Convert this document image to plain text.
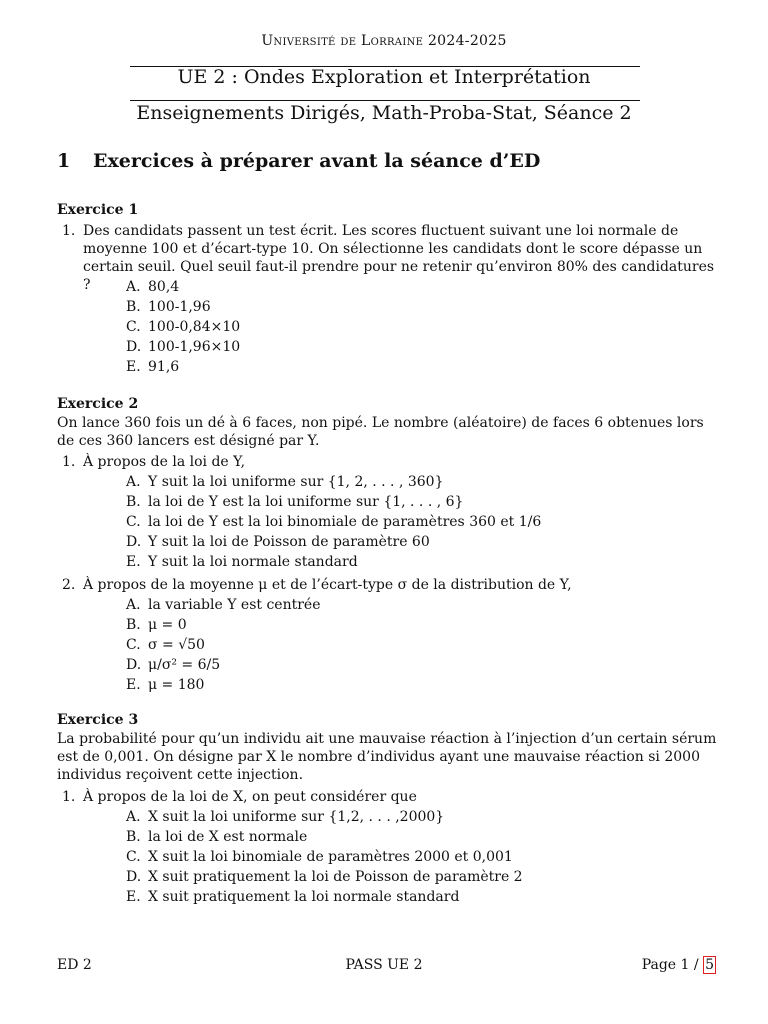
Université de Lorraine 2024-2025
UE 2 : Ondes Exploration et Interprétation
Enseignements Dirigés, Math-Proba-Stat, Séance 2
1 Exercices à préparer avant la séance d’ED
Exercice 1
1. Des candidats passent un test écrit. Les scores fluctuent suivant une loi normale de moyenne 100 et d’écart-type 10. On sélectionne les candidats dont le score dépasse un certain seuil. Quel seuil faut-il prendre pour ne retenir qu’environ 80% des candidatures ?	A. 80,4
B. 100-1,96
C. 100-0,84×10
D. 100-1,96×10
E. 91,6
Exercice 2
On lance 360 fois un dé à 6 faces, non pipé. Le nombre (aléatoire) de faces 6 obtenues lors de ces 360 lancers est désigné par Y.
1. À propos de la loi de Y,
A. Y suit la loi uniforme sur {1, 2, . . . , 360}
B. la loi de Y est la loi uniforme sur {1, . . . , 6}
C. la loi de Y est la loi binomiale de paramètres 360 et 1/6
D. Y suit la loi de Poisson de paramètre 60
E. Y suit la loi normale standard
2. À propos de la moyenne μ et de l’écart-type σ de la distribution de Y,
A. la variable Y est centrée
B. μ = 0
C. σ = √50
D. μ/σ² = 6/5
E. μ = 180
Exercice 3
La probabilité pour qu’un individu ait une mauvaise réaction à l’injection d’un certain sérum est de 0,001. On désigne par X le nombre d’individus ayant une mauvaise réaction si 2000 individus reçoivent cette injection.
1. À propos de la loi de X, on peut considérer que
A. X suit la loi uniforme sur {1,2, . . . ,2000}
B. la loi de X est normale
C. X suit la loi binomiale de paramètres 2000 et 0,001
D. X suit pratiquement la loi de Poisson de paramètre 2
E. X suit pratiquement la loi normale standard
ED 2	PASS UE 2	Page 1 / 5
